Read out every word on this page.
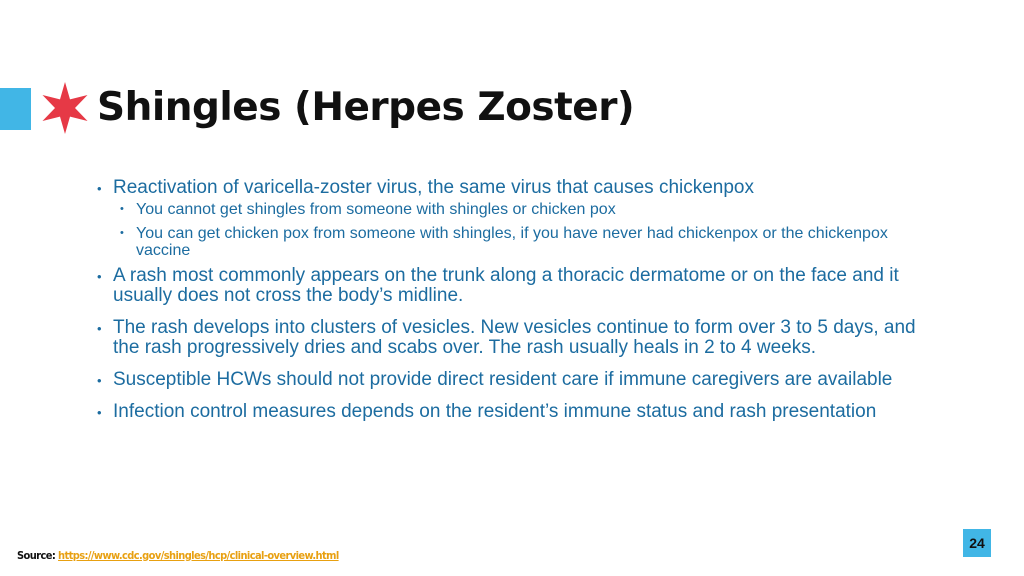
Shingles (Herpes Zoster)
• Reactivation of varicella-zoster virus, the same virus that causes chickenpox
• You cannot get shingles from someone with shingles or chicken pox
• You can get chicken pox from someone with shingles, if you have never had chickenpox or the chickenpox vaccine
• A rash most commonly appears on the trunk along a thoracic dermatome or on the face and it usually does not cross the body’s midline.
• The rash develops into clusters of vesicles. New vesicles continue to form over 3 to 5 days, and the rash progressively dries and scabs over. The rash usually heals in 2 to 4 weeks.
• Susceptible HCWs should not provide direct resident care if immune caregivers are available
• Infection control measures depends on the resident’s immune status and rash presentation
Source: https://www.cdc.gov/shingles/hcp/clinical-overview.html
24
